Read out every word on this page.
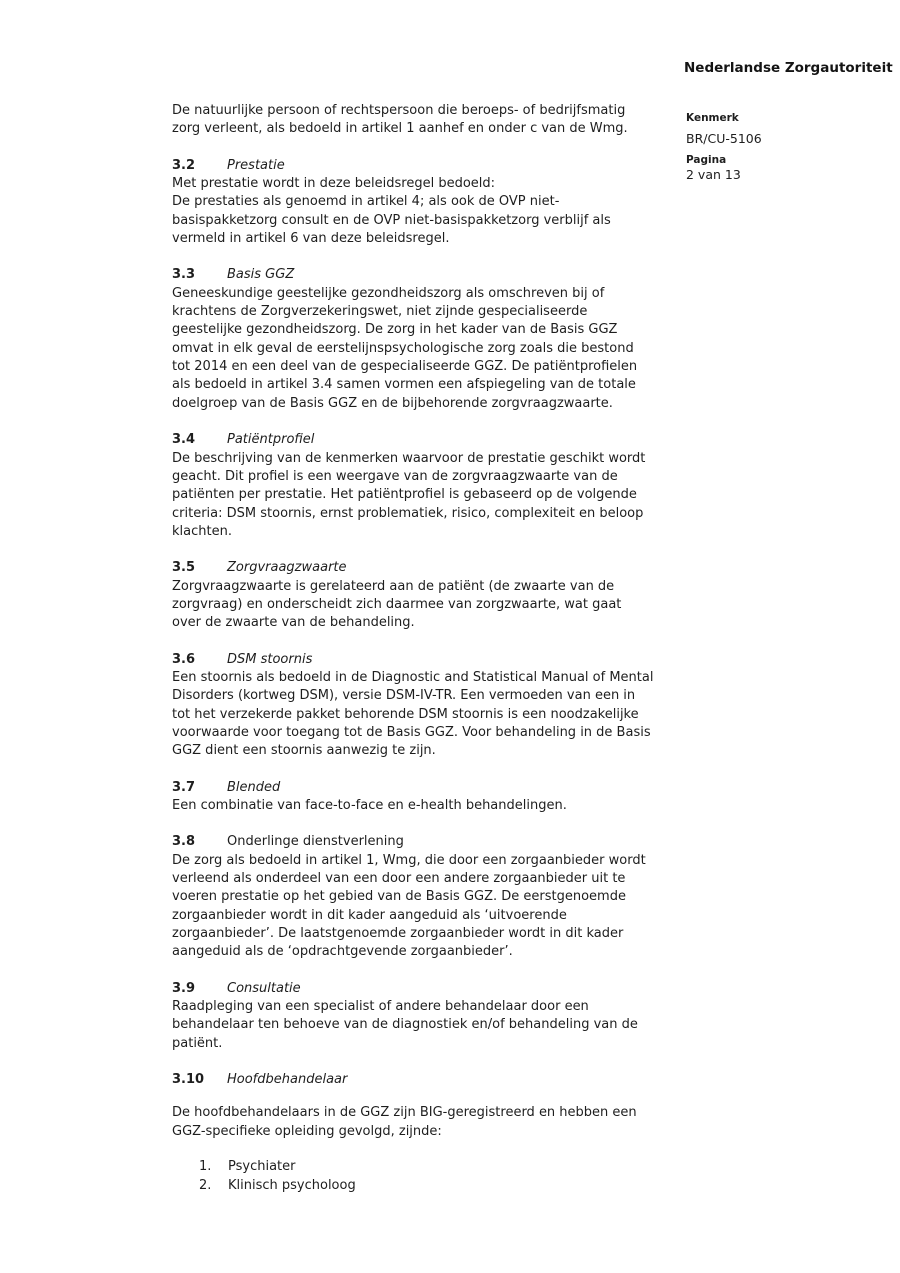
Nederlandse Zorgautoriteit
Kenmerk
BR/CU-5106
Pagina
2 van 13
De natuurlijke persoon of rechtspersoon die beroeps- of bedrijfsmatig
zorg verleent, als bedoeld in artikel 1 aanhef en onder c van de Wmg.
3.2 Prestatie
Met prestatie wordt in deze beleidsregel bedoeld:
De prestaties als genoemd in artikel 4; als ook de OVP niet-
basispakketzorg consult en de OVP niet-basispakketzorg verblijf als
vermeld in artikel 6 van deze beleidsregel.
3.3 Basis GGZ
Geneeskundige geestelijke gezondheidszorg als omschreven bij of
krachtens de Zorgverzekeringswet, niet zijnde gespecialiseerde
geestelijke gezondheidszorg. De zorg in het kader van de Basis GGZ
omvat in elk geval de eerstelijnspsychologische zorg zoals die bestond
tot 2014 en een deel van de gespecialiseerde GGZ. De patiëntprofielen
als bedoeld in artikel 3.4 samen vormen een afspiegeling van de totale
doelgroep van de Basis GGZ en de bijbehorende zorgvraagzwaarte.
3.4 Patiëntprofiel
De beschrijving van de kenmerken waarvoor de prestatie geschikt wordt
geacht. Dit profiel is een weergave van de zorgvraagzwaarte van de
patiënten per prestatie. Het patiëntprofiel is gebaseerd op de volgende
criteria: DSM stoornis, ernst problematiek, risico, complexiteit en beloop
klachten.
3.5 Zorgvraagzwaarte
Zorgvraagzwaarte is gerelateerd aan de patiënt (de zwaarte van de
zorgvraag) en onderscheidt zich daarmee van zorgzwaarte, wat gaat
over de zwaarte van de behandeling.
3.6 DSM stoornis
Een stoornis als bedoeld in de Diagnostic and Statistical Manual of Mental
Disorders (kortweg DSM), versie DSM-IV-TR. Een vermoeden van een in
tot het verzekerde pakket behorende DSM stoornis is een noodzakelijke
voorwaarde voor toegang tot de Basis GGZ. Voor behandeling in de Basis
GGZ dient een stoornis aanwezig te zijn.
3.7 Blended
Een combinatie van face-to-face en e-health behandelingen.
3.8 Onderlinge dienstverlening
De zorg als bedoeld in artikel 1, Wmg, die door een zorgaanbieder wordt
verleend als onderdeel van een door een andere zorgaanbieder uit te
voeren prestatie op het gebied van de Basis GGZ. De eerstgenoemde
zorgaanbieder wordt in dit kader aangeduid als ‘uitvoerende
zorgaanbieder’. De laatstgenoemde zorgaanbieder wordt in dit kader
aangeduid als de ‘opdrachtgevende zorgaanbieder’.
3.9 Consultatie
Raadpleging van een specialist of andere behandelaar door een
behandelaar ten behoeve van de diagnostiek en/of behandeling van de
patiënt.
3.10 Hoofdbehandelaar
De hoofdbehandelaars in de GGZ zijn BIG-geregistreerd en hebben een
GGZ-specifieke opleiding gevolgd, zijnde:
1. Psychiater
2. Klinisch psycholoog
